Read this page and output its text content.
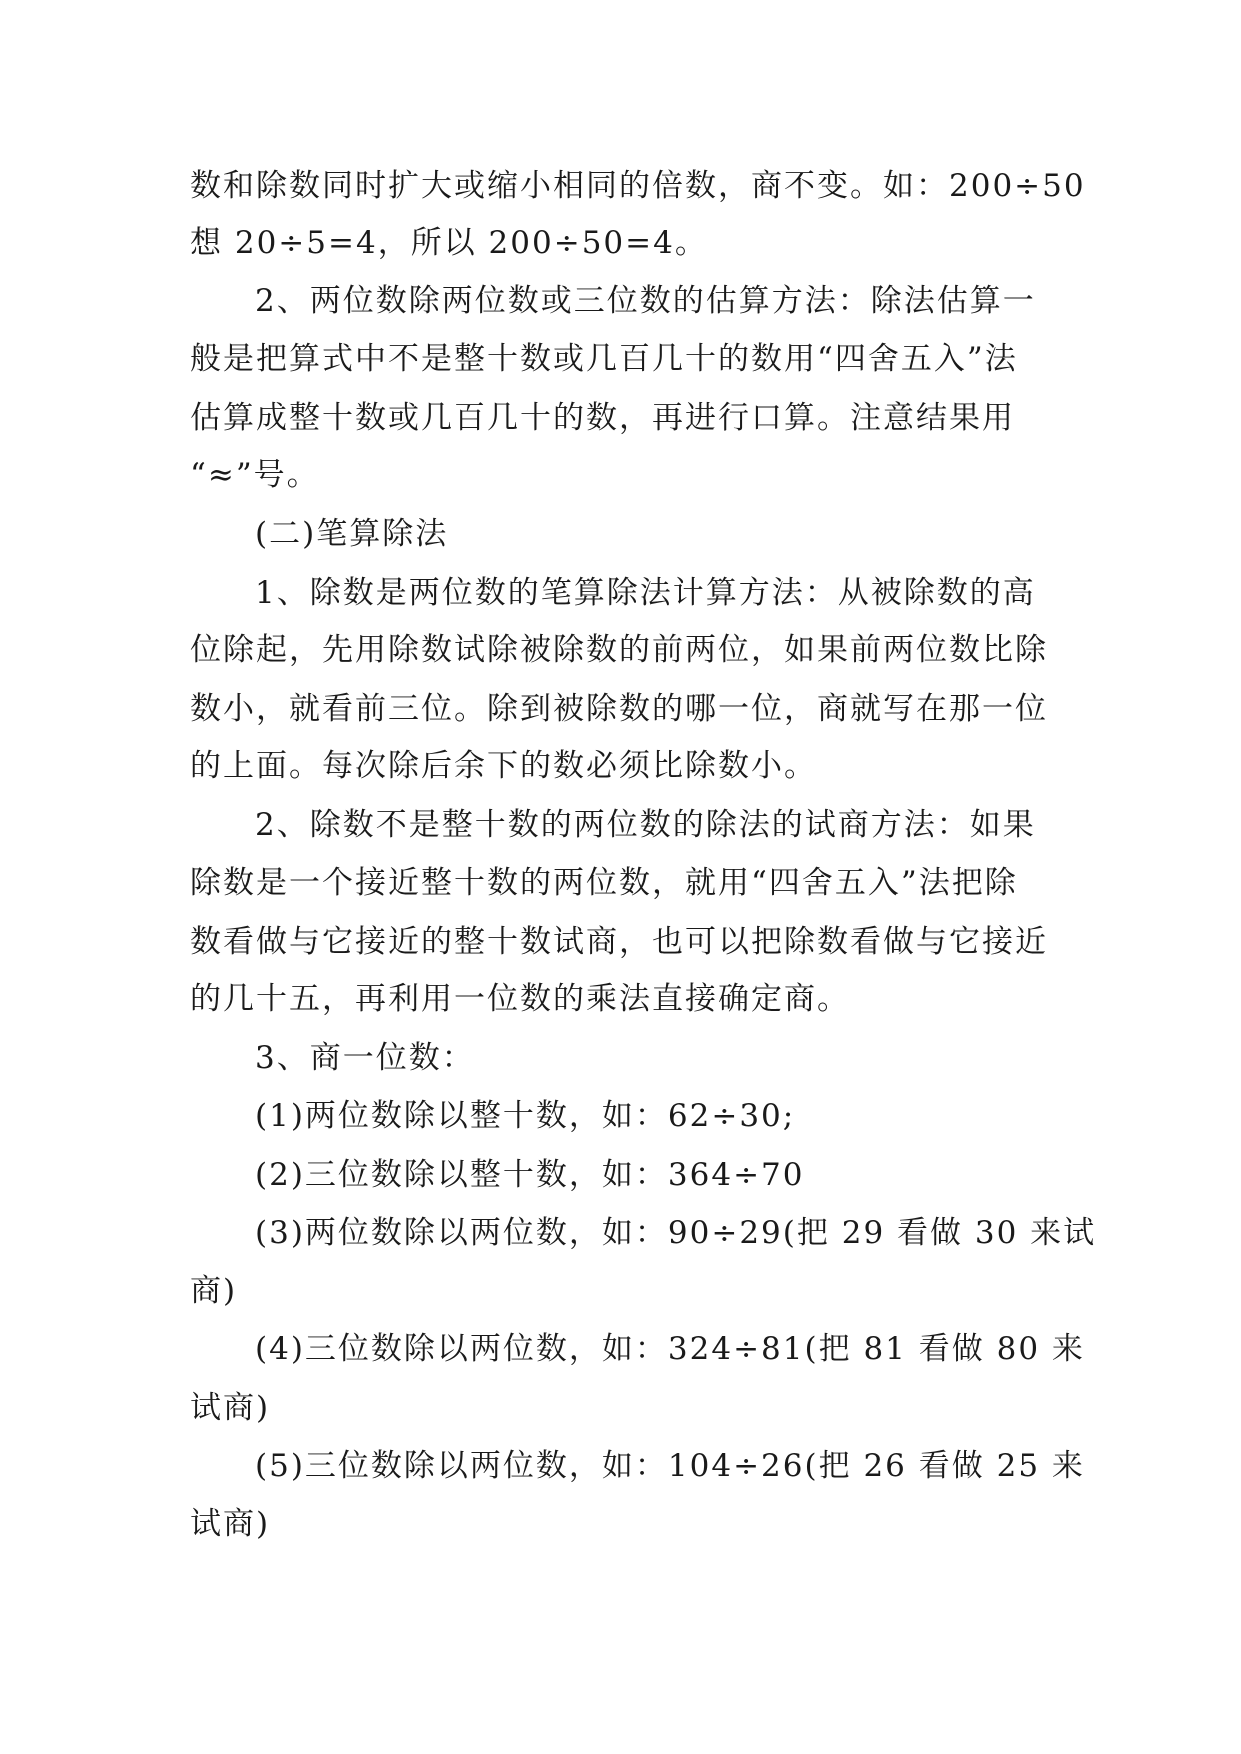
数和除数同时扩大或缩小相同的倍数，商不变。如：200÷50

想 20÷5=4，所以 200÷50=4。

2、两位数除两位数或三位数的估算方法：除法估算一

般是把算式中不是整十数或几百几十的数用“四舍五入”法

估算成整十数或几百几十的数，再进行口算。注意结果用

“≈”号。

(二)笔算除法

1、除数是两位数的笔算除法计算方法：从被除数的高

位除起，先用除数试除被除数的前两位，如果前两位数比除

数小，就看前三位。除到被除数的哪一位，商就写在那一位

的上面。每次除后余下的数必须比除数小。

2、除数不是整十数的两位数的除法的试商方法：如果

除数是一个接近整十数的两位数，就用“四舍五入”法把除

数看做与它接近的整十数试商，也可以把除数看做与它接近

的几十五，再利用一位数的乘法直接确定商。

3、商一位数：

(1)两位数除以整十数，如：62÷30;

(2)三位数除以整十数，如：364÷70

(3)两位数除以两位数，如：90÷29(把 29 看做 30 来试

商)

(4)三位数除以两位数，如：324÷81(把 81 看做 80 来

试商)

(5)三位数除以两位数，如：104÷26(把 26 看做 25 来

试商)
